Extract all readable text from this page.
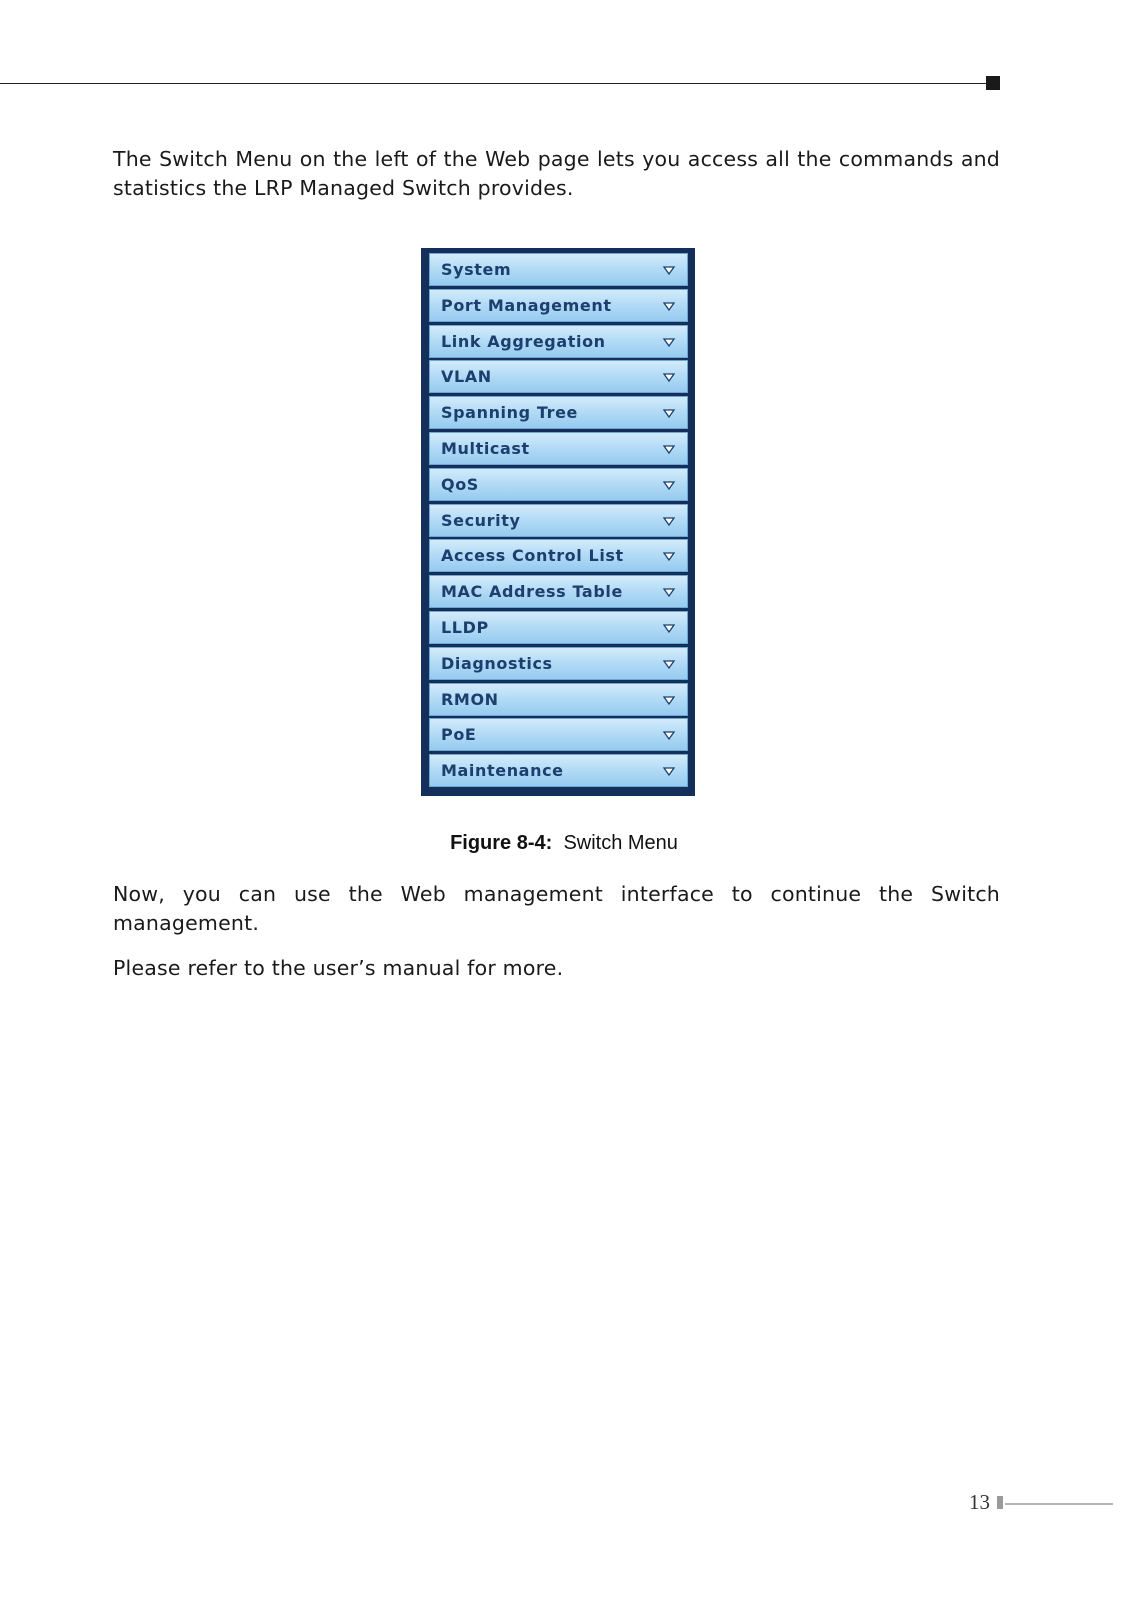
The Switch Menu on the left of the Web page lets you access all the commands and statistics the LRP Managed Switch provides.

System
Port Management
Link Aggregation
VLAN
Spanning Tree
Multicast
QoS
Security
Access Control List
MAC Address Table
LLDP
Diagnostics
RMON
PoE
Maintenance
Figure 8-4: Switch Menu

Now, you can use the Web management interface to continue the Switch management.

Please refer to the user’s manual for more.

13
